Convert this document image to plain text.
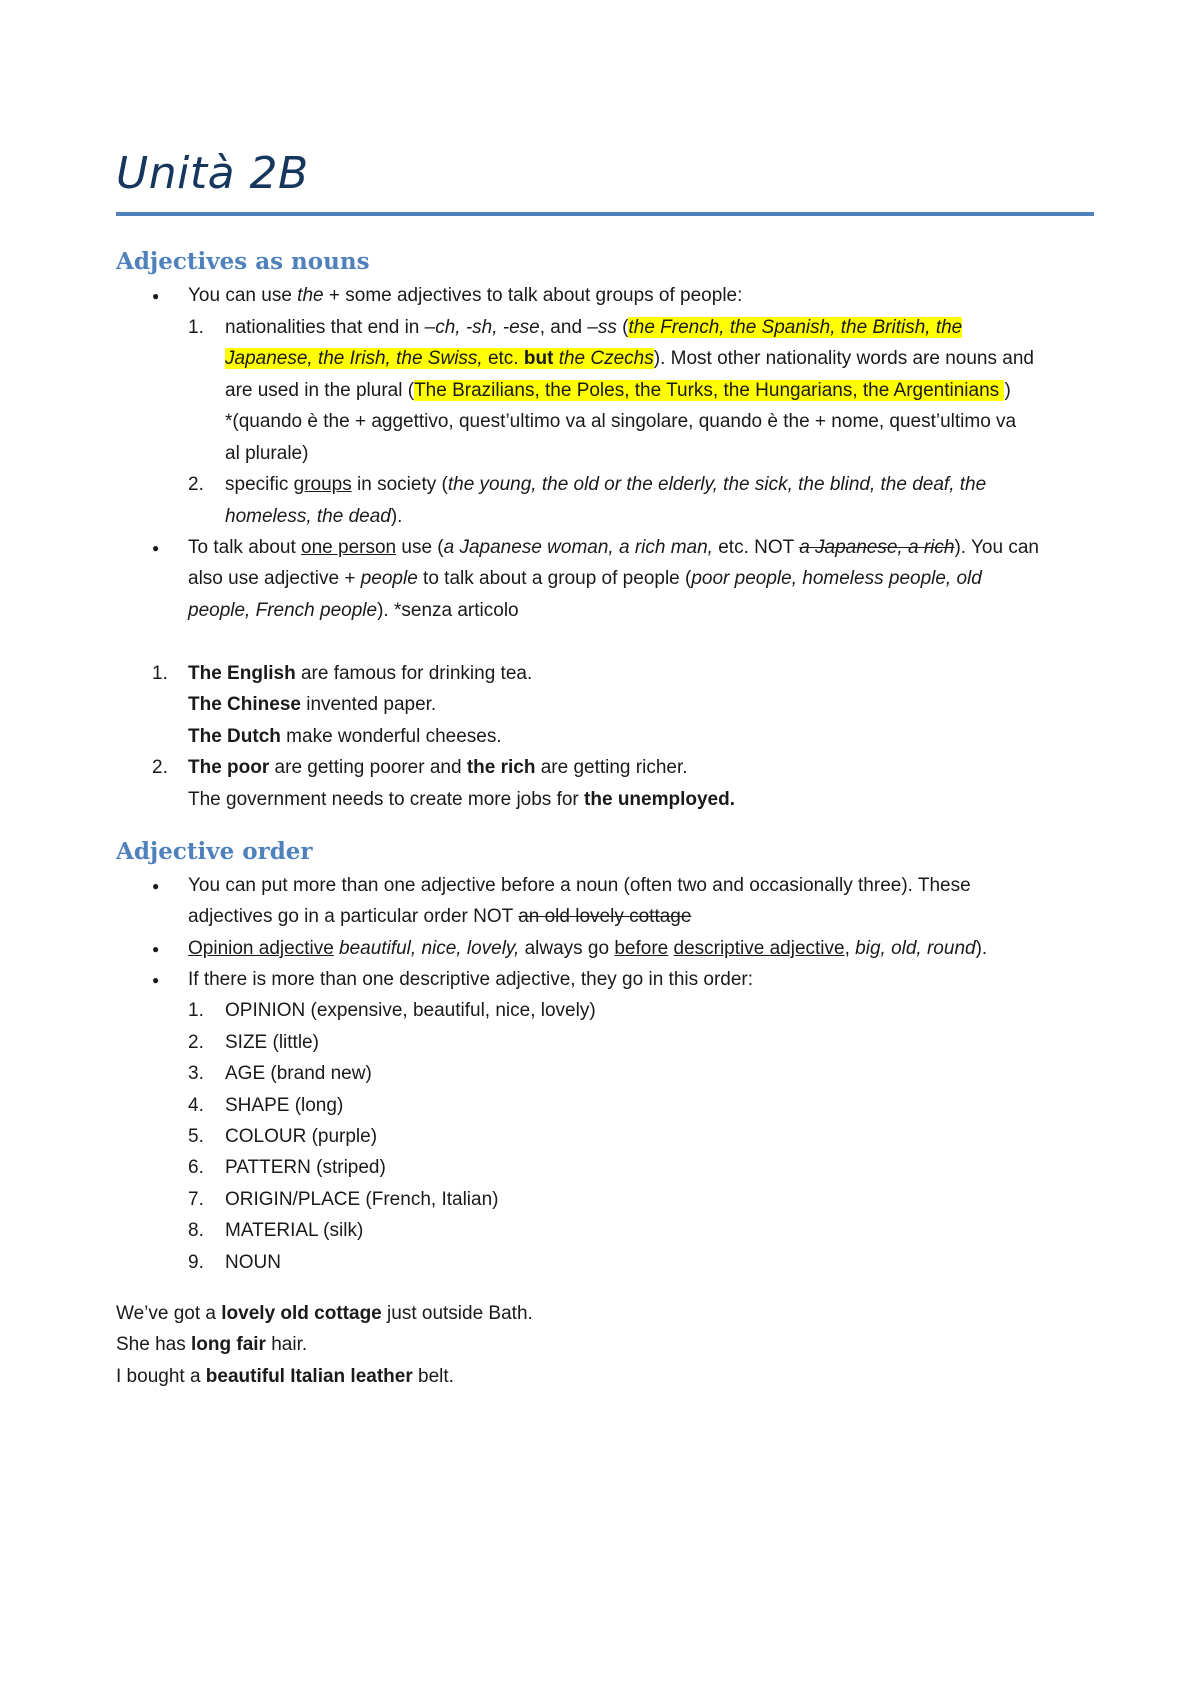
Unità 2B
Adjectives as nouns
● You can use the + some adjectives to talk about groups of people:
1. nationalities that end in –ch, -sh, -ese, and –ss (the French, the Spanish, the British, the
Japanese, the Irish, the Swiss, etc. but the Czechs). Most other nationality words are nouns and
are used in the plural (The Brazilians, the Poles, the Turks, the Hungarians, the Argentinians )
*(quando è the + aggettivo, quest’ultimo va al singolare, quando è the + nome, quest’ultimo va
al plurale)
2. specific groups in society (the young, the old or the elderly, the sick, the blind, the deaf, the
homeless, the dead).
● To talk about one person use (a Japanese woman, a rich man, etc. NOT a Japanese, a rich). You can
also use adjective + people to talk about a group of people (poor people, homeless people, old
people, French people). *senza articolo
1. The English are famous for drinking tea.
The Chinese invented paper.
The Dutch make wonderful cheeses.
2. The poor are getting poorer and the rich are getting richer.
The government needs to create more jobs for the unemployed.
Adjective order
● You can put more than one adjective before a noun (often two and occasionally three). These
adjectives go in a particular order NOT an old lovely cottage
● Opinion adjective beautiful, nice, lovely, always go before descriptive adjective, big, old, round).
● If there is more than one descriptive adjective, they go in this order:
1. OPINION (expensive, beautiful, nice, lovely)
2. SIZE (little)
3. AGE (brand new)
4. SHAPE (long)
5. COLOUR (purple)
6. PATTERN (striped)
7. ORIGIN/PLACE (French, Italian)
8. MATERIAL (silk)
9. NOUN
We’ve got a lovely old cottage just outside Bath.
She has long fair hair.
I bought a beautiful Italian leather belt.
